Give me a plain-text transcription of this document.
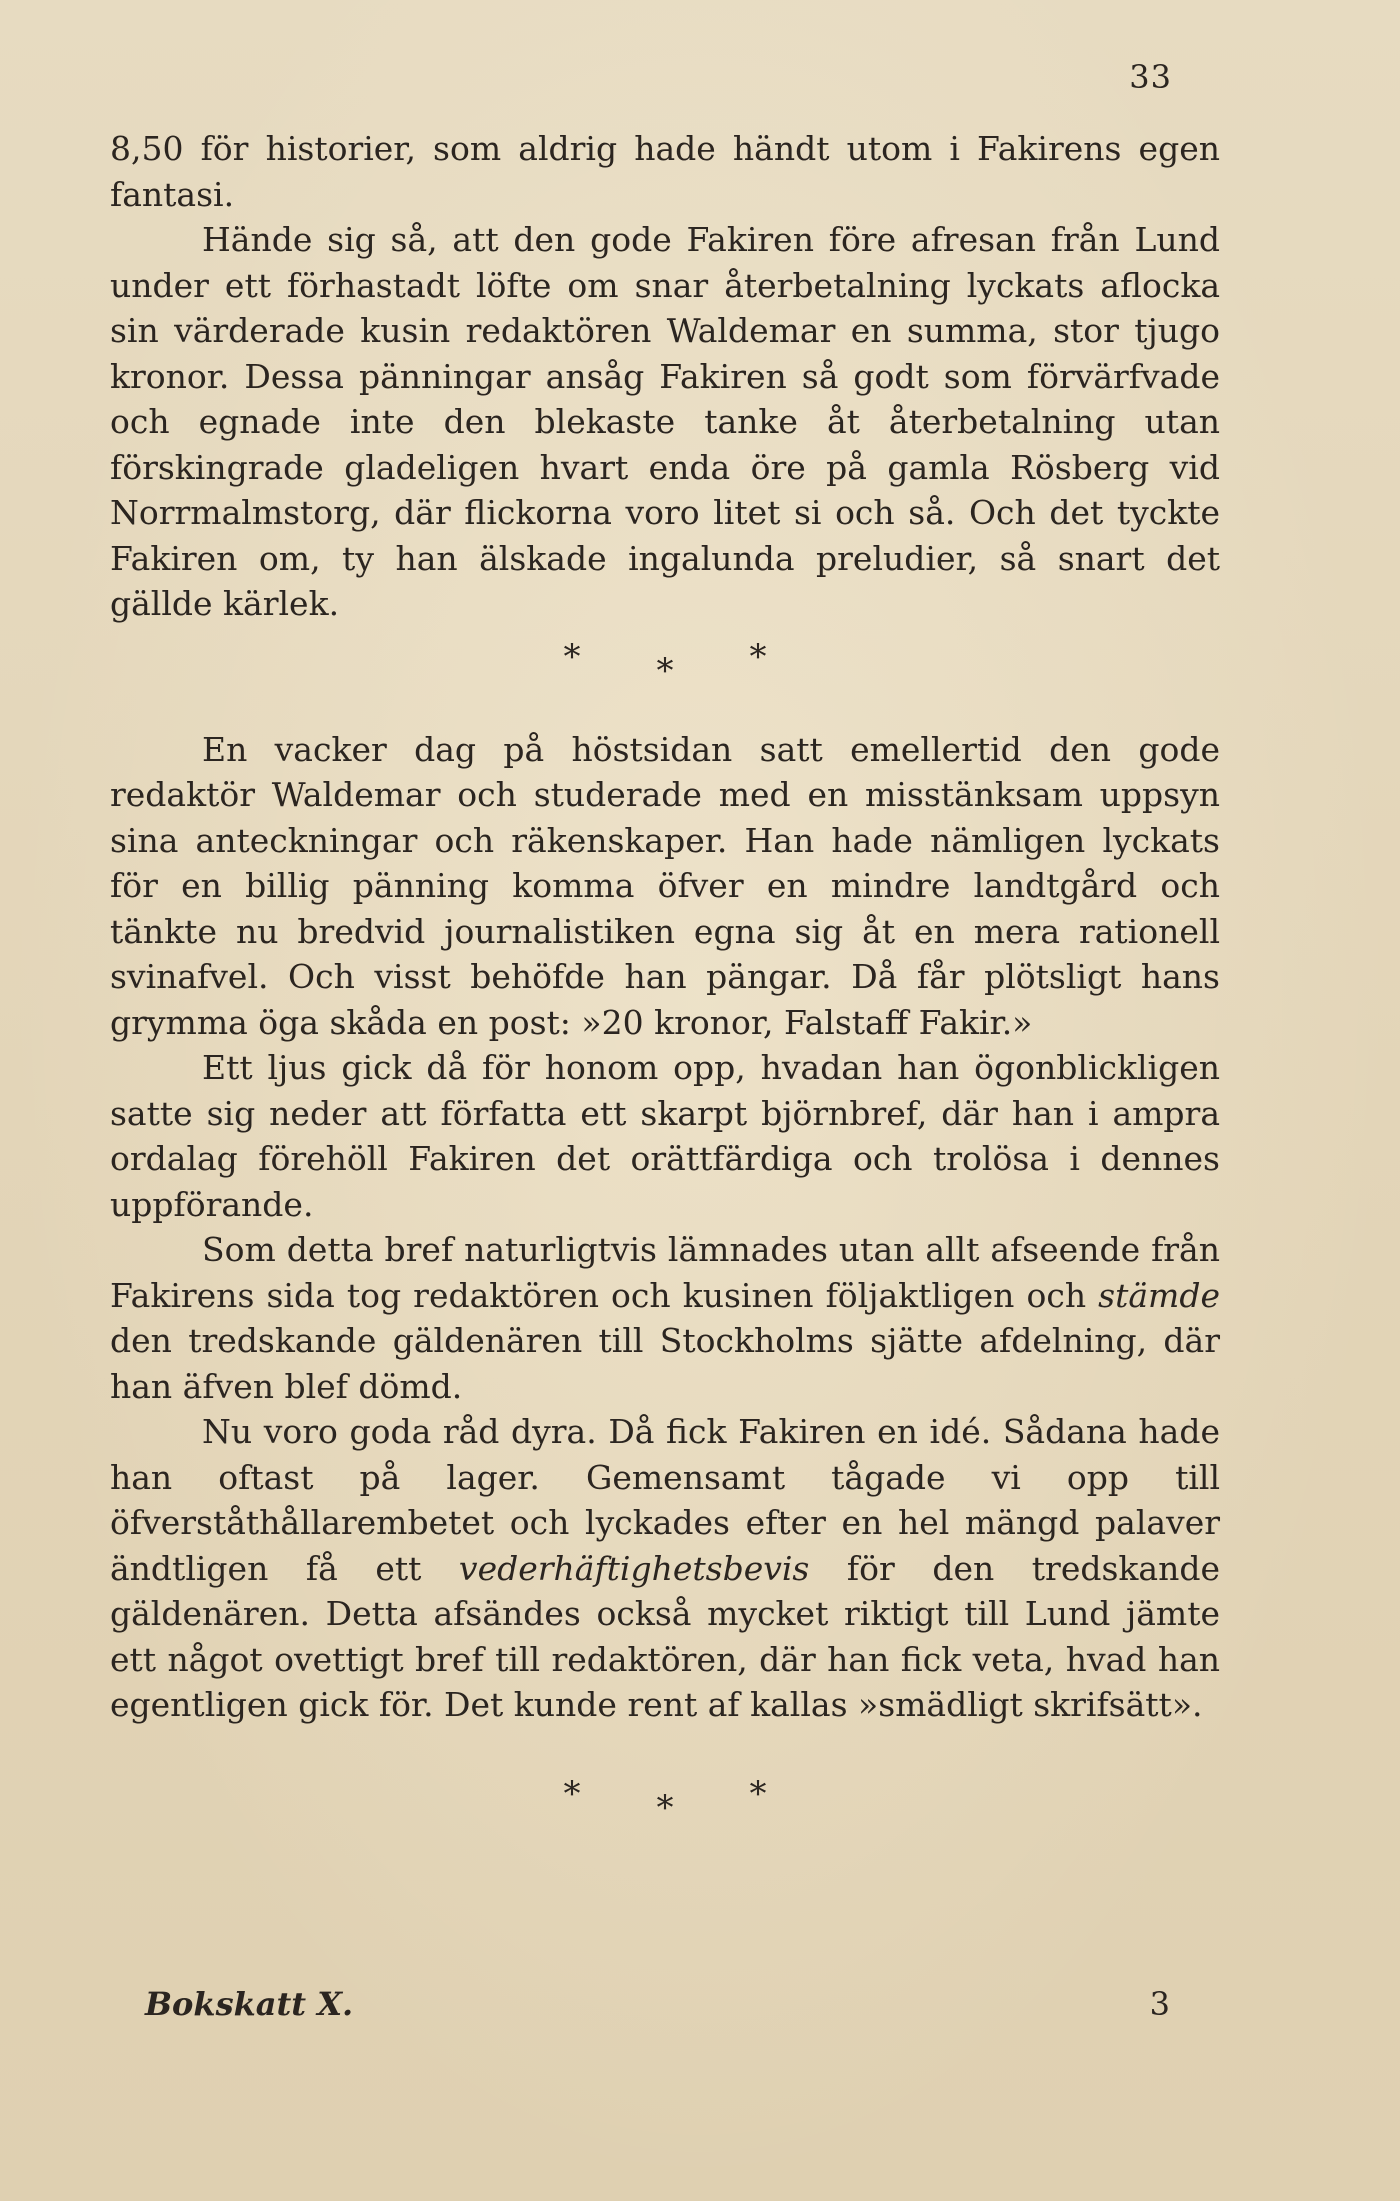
33

8,50 för historier, som aldrig hade händt utom i Fakirens egen fantasi.

Hände sig så, att den gode Fakiren före afresan från Lund under ett förhastadt löfte om snar återbetalning lyckats aflocka sin värderade kusin redaktören Waldemar en summa, stor tjugo kronor. Dessa pänningar ansåg Fakiren så godt som förvärfvade och egnade inte den blekaste tanke åt återbetalning utan förskingrade gladeligen hvart enda öre på gamla Rösberg vid Norrmalmstorg, där flickorna voro litet si och så. Och det tyckte Fakiren om, ty han älskade ingalunda preludier, så snart det gällde kärlek.

* * *

En vacker dag på höstsidan satt emellertid den gode redaktör Waldemar och studerade med en misstänksam uppsyn sina anteckningar och räkenskaper. Han hade nämligen lyckats för en billig pänning komma öfver en mindre landtgård och tänkte nu bredvid journalistiken egna sig åt en mera rationell svinafvel. Och visst behöfde han pängar. Då får plötsligt hans grymma öga skåda en post: »20 kronor, Falstaff Fakir.»

Ett ljus gick då för honom opp, hvadan han ögonblickligen satte sig neder att författa ett skarpt björnbref, där han i ampra ordalag förehöll Fakiren det orättfärdiga och trolösa i dennes uppförande.

Som detta bref naturligtvis lämnades utan allt afseende från Fakirens sida tog redaktören och kusinen följaktligen och stämde den tredskande gäldenären till Stockholms sjätte afdelning, där han äfven blef dömd.

Nu voro goda råd dyra. Då fick Fakiren en idé. Sådana hade han oftast på lager. Gemensamt tågade vi opp till öfverståthållarembetet och lyckades efter en hel mängd palaver ändtligen få ett vederhäftighetsbevis för den tredskande gäldenären. Detta afsändes också mycket riktigt till Lund jämte ett något ovettigt bref till redaktören, där han fick veta, hvad han egentligen gick för. Det kunde rent af kallas »smädligt skrifsätt».

* * *
Bokskatt X.	3
